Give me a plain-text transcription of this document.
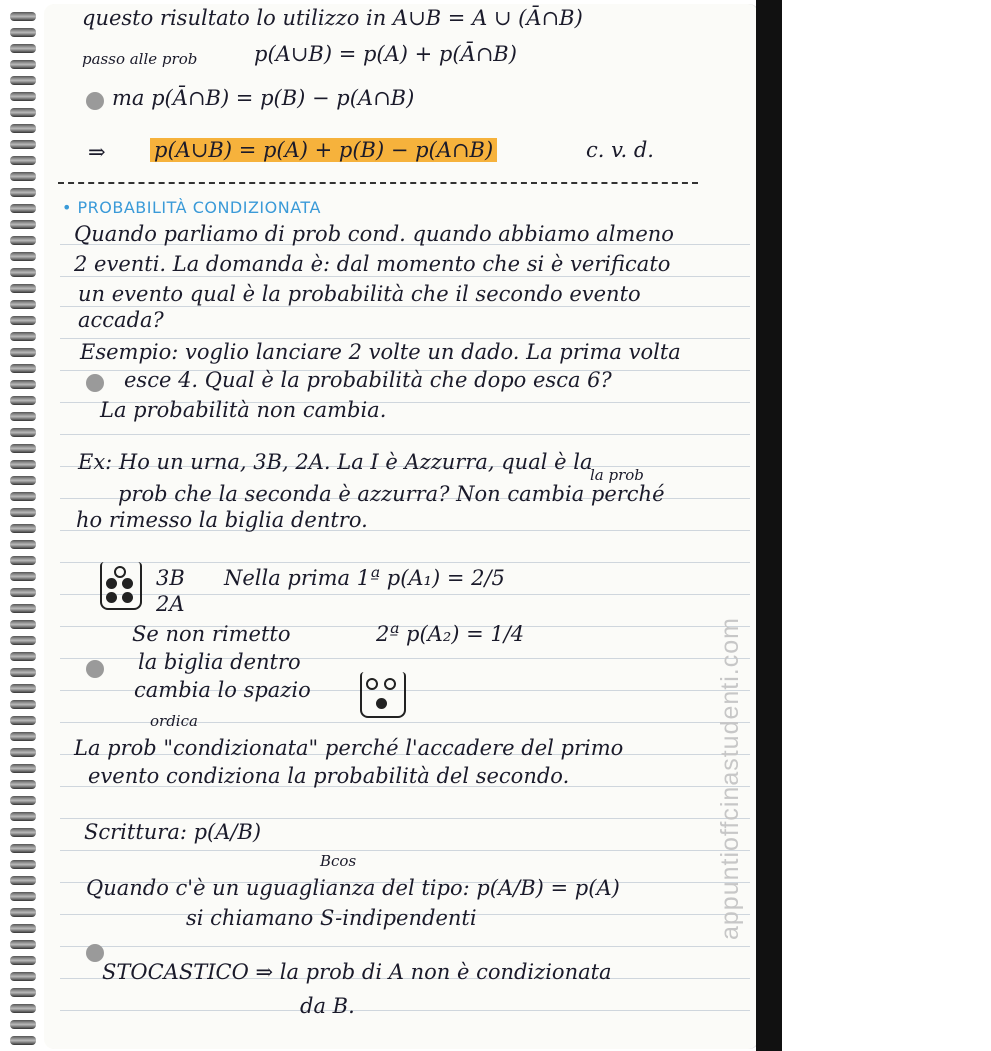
questo risultato lo utilizzo in A∪B = A ∪ (Ā∩B)
passo alle prob	p(A∪B) = p(A) + p(Ā∩B)
ma p(Ā∩B) = p(B) − p(A∩B)
⇒ p(A∪B) = p(A) + p(B) − p(A∩B)	c. v. d.
• PROBABILITÀ CONDIZIONATA
Quando parliamo di prob cond. quando abbiamo almeno
2 eventi. La domanda è: dal momento che si è verificato
un evento qual è la probabilità che il secondo evento
accada?
Esempio: voglio lanciare 2 volte un dado. La prima volta
esce 4. Qual è la probabilità che dopo esca 6?
La probabilità non cambia.
Ex: Ho un urna, 3B, 2A. La I è Azzurra, qual è la
la prob
prob che la seconda è azzurra? Non cambia perché
ho rimesso la biglia dentro.
3B
2A
Nella prima 1ª p(A₁) = 2/5
Se non rimetto
la biglia dentro
cambia lo spazio
2ª p(A₂) = 1/4
ordica
La prob "condizionata" perché l'accadere del primo
evento condiziona la probabilità del secondo.
Scrittura: p(A/B)
Bcos
Quando c'è un uguaglianza del tipo: p(A/B) = p(A)
si chiamano S-indipendenti
STOCASTICO ⇒ la prob di A non è condizionata
da B.
appuntioffcinastudenti.com
